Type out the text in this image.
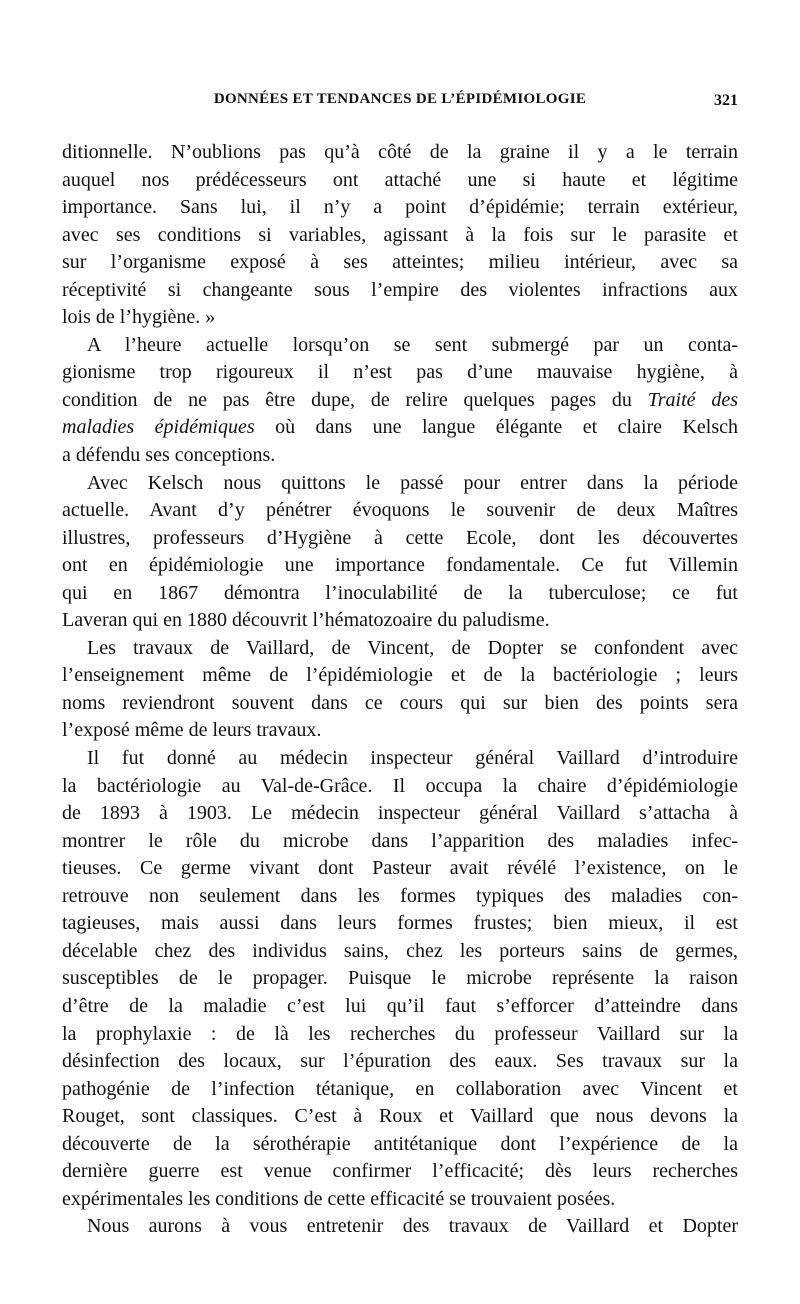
DONNÉES ET TENDANCES DE L’ÉPIDÉMIOLOGIE	321
ditionnelle. N’oublions pas qu’à côté de la graine il y a le terrain
auquel nos prédécesseurs ont attaché une si haute et légitime
importance. Sans lui, il n’y a point d’épidémie; terrain extérieur,
avec ses conditions si variables, agissant à la fois sur le parasite et
sur l’organisme exposé à ses atteintes; milieu intérieur, avec sa
réceptivité si changeante sous l’empire des violentes infractions aux
lois de l’hygiène. »
A l’heure actuelle lorsqu’on se sent submergé par un conta-
gionisme trop rigoureux il n’est pas d’une mauvaise hygiène, à
condition de ne pas être dupe, de relire quelques pages du Traité des
maladies épidémiques où dans une langue élégante et claire Kelsch
a défendu ses conceptions.
Avec Kelsch nous quittons le passé pour entrer dans la période
actuelle. Avant d’y pénétrer évoquons le souvenir de deux Maîtres
illustres, professeurs d’Hygiène à cette Ecole, dont les découvertes
ont en épidémiologie une importance fondamentale. Ce fut Villemin
qui en 1867 démontra l’inoculabilité de la tuberculose; ce fut
Laveran qui en 1880 découvrit l’hématozoaire du paludisme.
Les travaux de Vaillard, de Vincent, de Dopter se confondent avec
l’enseignement même de l’épidémiologie et de la bactériologie ; leurs
noms reviendront souvent dans ce cours qui sur bien des points sera
l’exposé même de leurs travaux.
Il fut donné au médecin inspecteur général Vaillard d’introduire
la bactériologie au Val-de-Grâce. Il occupa la chaire d’épidémiologie
de 1893 à 1903. Le médecin inspecteur général Vaillard s’attacha à
montrer le rôle du microbe dans l’apparition des maladies infec-
tieuses. Ce germe vivant dont Pasteur avait révélé l’existence, on le
retrouve non seulement dans les formes typiques des maladies con-
tagieuses, mais aussi dans leurs formes frustes; bien mieux, il est
décelable chez des individus sains, chez les porteurs sains de germes,
susceptibles de le propager. Puisque le microbe représente la raison
d’être de la maladie c’est lui qu’il faut s’efforcer d’atteindre dans
la prophylaxie : de là les recherches du professeur Vaillard sur la
désinfection des locaux, sur l’épuration des eaux. Ses travaux sur la
pathogénie de l’infection tétanique, en collaboration avec Vincent et
Rouget, sont classiques. C’est à Roux et Vaillard que nous devons la
découverte de la sérothérapie antitétanique dont l’expérience de la
dernière guerre est venue confirmer l’efficacité; dès leurs recherches
expérimentales les conditions de cette efficacité se trouvaient posées.
Nous aurons à vous entretenir des travaux de Vaillard et Dopter
